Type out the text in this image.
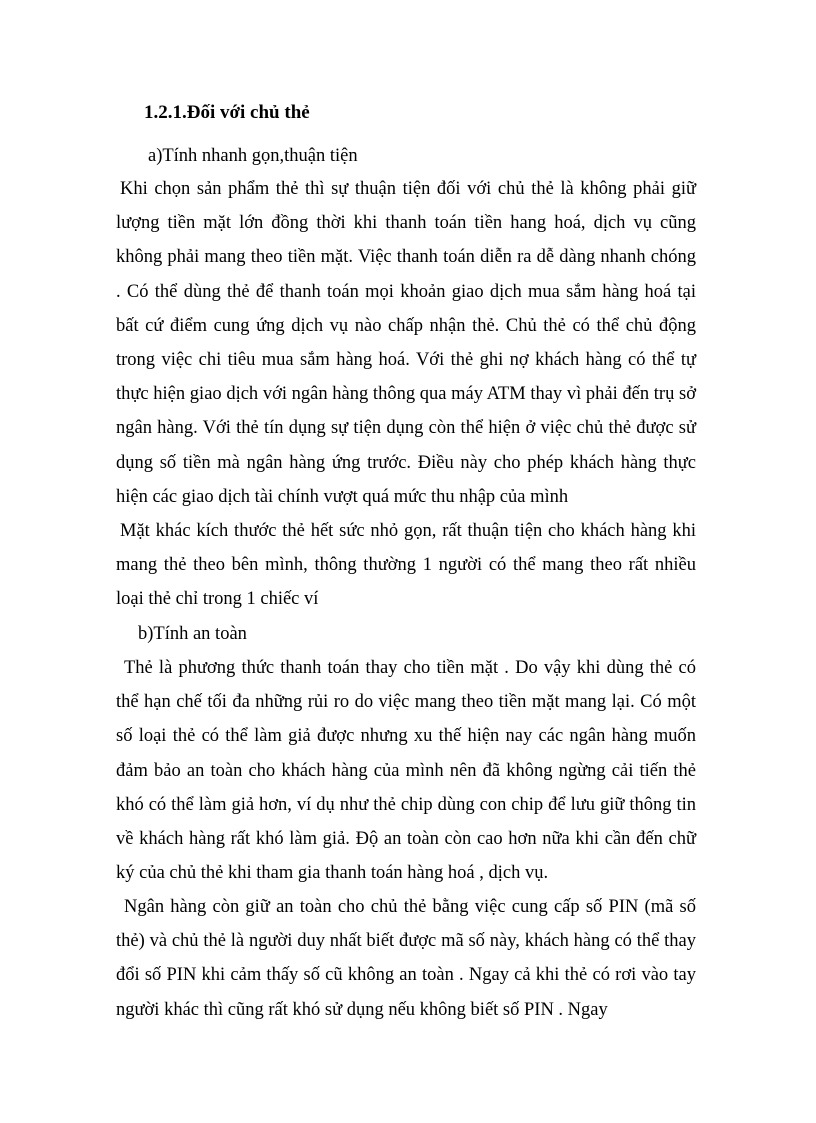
1.2.1.Đối với chủ thẻ
a)Tính nhanh gọn,thuận tiện
Khi chọn sản phẩm thẻ thì sự thuận tiện đối với chủ thẻ là không phải giữ lượng tiền mặt lớn đồng thời khi thanh toán tiền hang hoá, dịch vụ cũng không phải mang theo tiền mặt. Việc thanh toán diễn ra dễ dàng nhanh chóng . Có thể dùng thẻ để thanh toán mọi khoản giao dịch mua sắm hàng hoá tại bất cứ điểm cung ứng dịch vụ nào chấp nhận thẻ. Chủ thẻ có thể chủ động trong việc chi tiêu mua sắm hàng hoá. Với thẻ ghi nợ khách hàng có thể tự thực hiện giao dịch với ngân hàng thông qua máy ATM thay vì phải đến trụ sở ngân hàng. Với thẻ tín dụng sự tiện dụng còn thể hiện ở việc chủ thẻ được sử dụng số tiền mà ngân hàng ứng trước. Điều này cho phép khách hàng thực hiện các giao dịch tài chính vượt quá mức thu nhập của mình
Mặt khác kích thước thẻ hết sức nhỏ gọn, rất thuận tiện cho khách hàng khi mang thẻ theo bên mình, thông thường 1 người có thể mang theo rất nhiều loại thẻ chỉ trong 1 chiếc ví
b)Tính an toàn
Thẻ là phương thức thanh toán thay cho tiền mặt . Do vậy khi dùng thẻ có thể hạn chế tối đa những rủi ro do việc mang theo tiền mặt mang lại. Có một số loại thẻ có thể làm giả được nhưng xu thế hiện nay các ngân hàng muốn đảm bảo an toàn cho khách hàng của mình nên đã không ngừng cải tiến thẻ khó có thể làm giả hơn, ví dụ như thẻ chip dùng con chip để lưu giữ thông tin về khách hàng rất khó làm giả. Độ an toàn còn cao hơn nữa khi cần đến chữ ký của chủ thẻ khi tham gia thanh toán hàng hoá , dịch vụ.
Ngân hàng còn giữ an toàn cho chủ thẻ bằng việc cung cấp số PIN (mã số thẻ) và chủ thẻ là người duy nhất biết được mã số này, khách hàng có thể thay đổi số PIN khi cảm thấy số cũ không an toàn . Ngay cả khi thẻ có rơi vào tay người khác thì cũng rất khó sử dụng nếu không biết số PIN . Ngay
